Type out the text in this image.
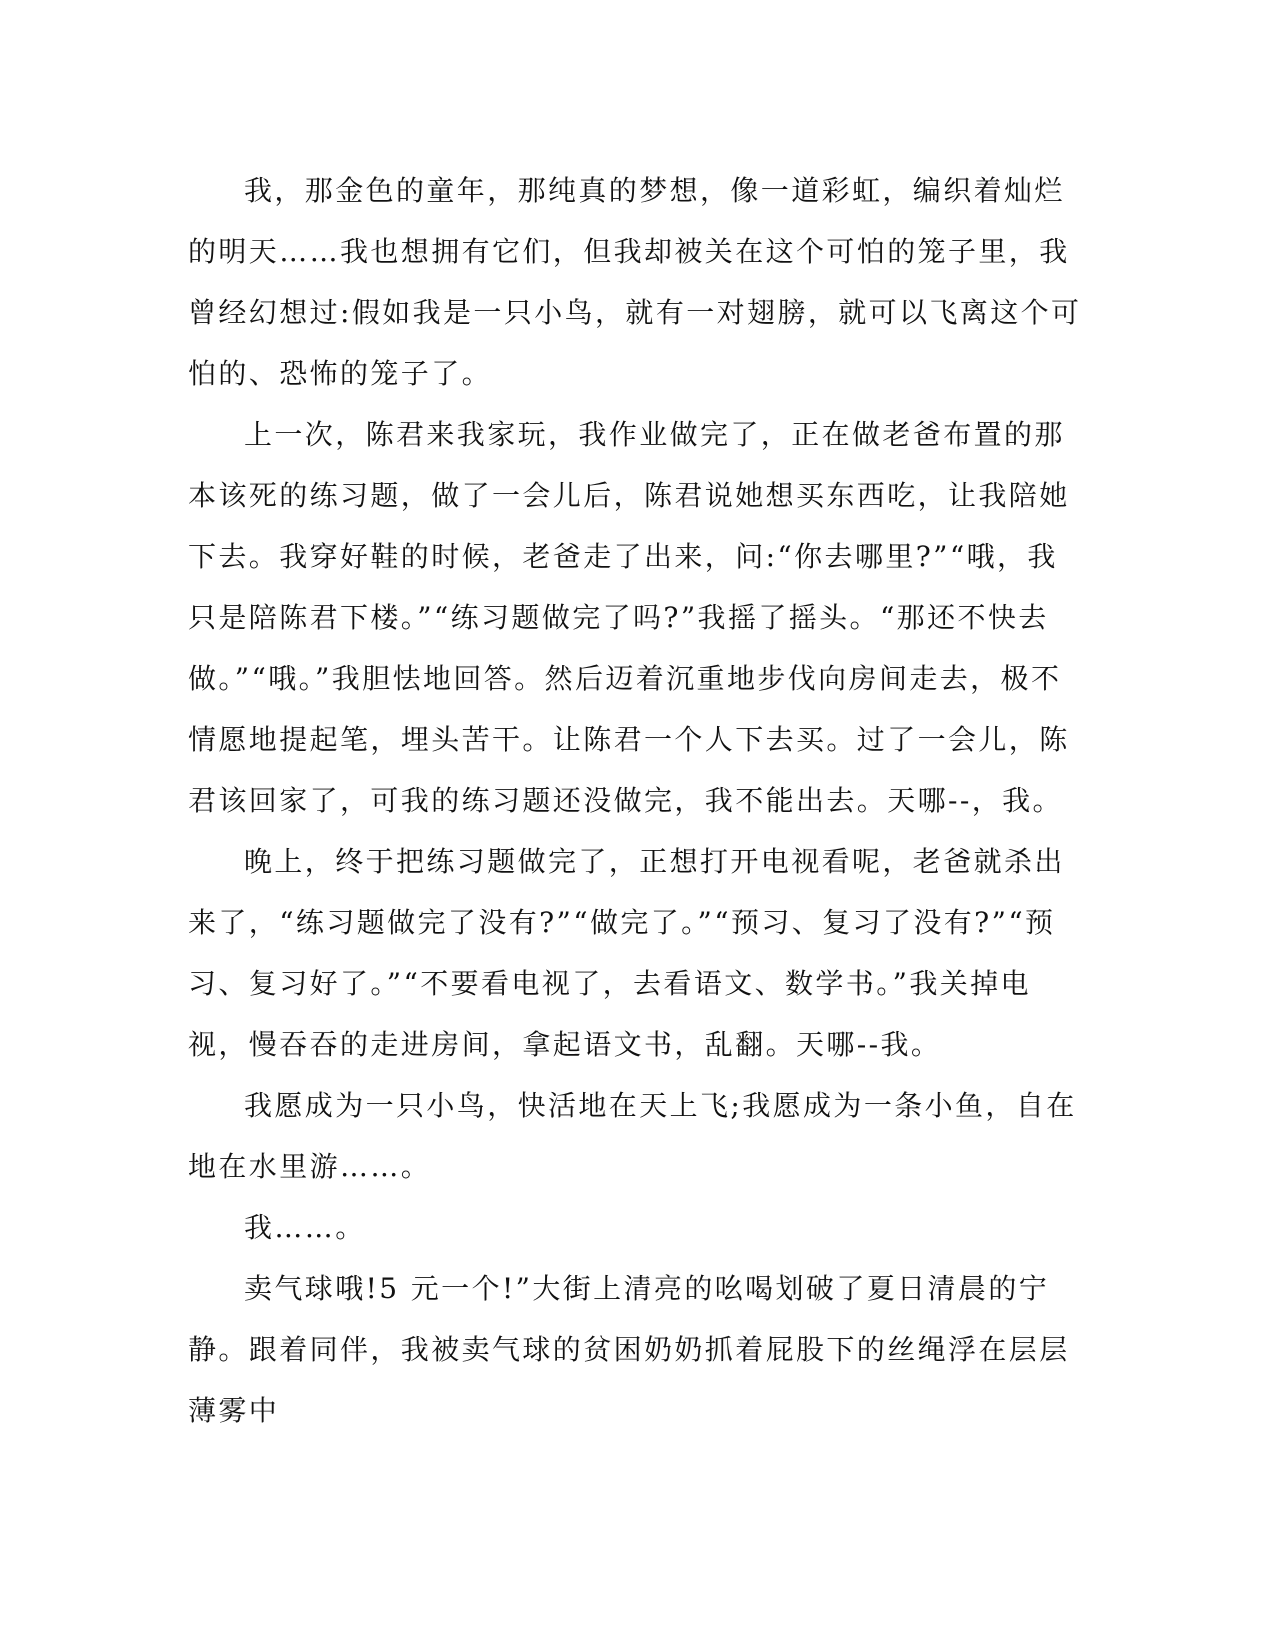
我，那金色的童年，那纯真的梦想，像一道彩虹，编织着灿烂的明天……我也想拥有它们，但我却被关在这个可怕的笼子里，我曾经幻想过:假如我是一只小鸟，就有一对翅膀，就可以飞离这个可怕的、恐怖的笼子了。

上一次，陈君来我家玩，我作业做完了，正在做老爸布置的那本该死的练习题，做了一会儿后，陈君说她想买东西吃，让我陪她下去。我穿好鞋的时候，老爸走了出来，问:“你去哪里?”“哦，我只是陪陈君下楼。”“练习题做完了吗?”我摇了摇头。“那还不快去做。”“哦。”我胆怯地回答。然后迈着沉重地步伐向房间走去，极不情愿地提起笔，埋头苦干。让陈君一个人下去买。过了一会儿，陈君该回家了，可我的练习题还没做完，我不能出去。天哪--，我。

晚上，终于把练习题做完了，正想打开电视看呢，老爸就杀出来了，“练习题做完了没有?”“做完了。”“预习、复习了没有?”“预习、复习好了。”“不要看电视了，去看语文、数学书。”我关掉电视，慢吞吞的走进房间，拿起语文书，乱翻。天哪--我。

我愿成为一只小鸟，快活地在天上飞;我愿成为一条小鱼，自在地在水里游……。

我……。

卖气球哦!5 元一个!”大街上清亮的吆喝划破了夏日清晨的宁静。跟着同伴，我被卖气球的贫困奶奶抓着屁股下的丝绳浮在层层薄雾中
